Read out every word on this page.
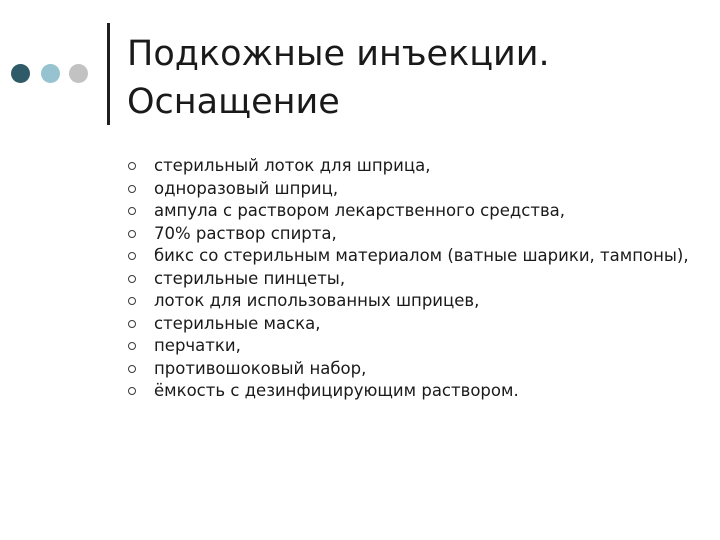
Подкожные инъекции.
Оснащение
стерильный лоток для шприца,
одноразовый шприц,
ампула с раствором лекарственного средства,
70% раствор спирта,
бикс со стерильным материалом (ватные шарики, тампоны),
стерильные пинцеты,
лоток для использованных шприцев,
стерильные маска,
перчатки,
противошоковый набор,
ёмкость с дезинфицирующим раствором.
